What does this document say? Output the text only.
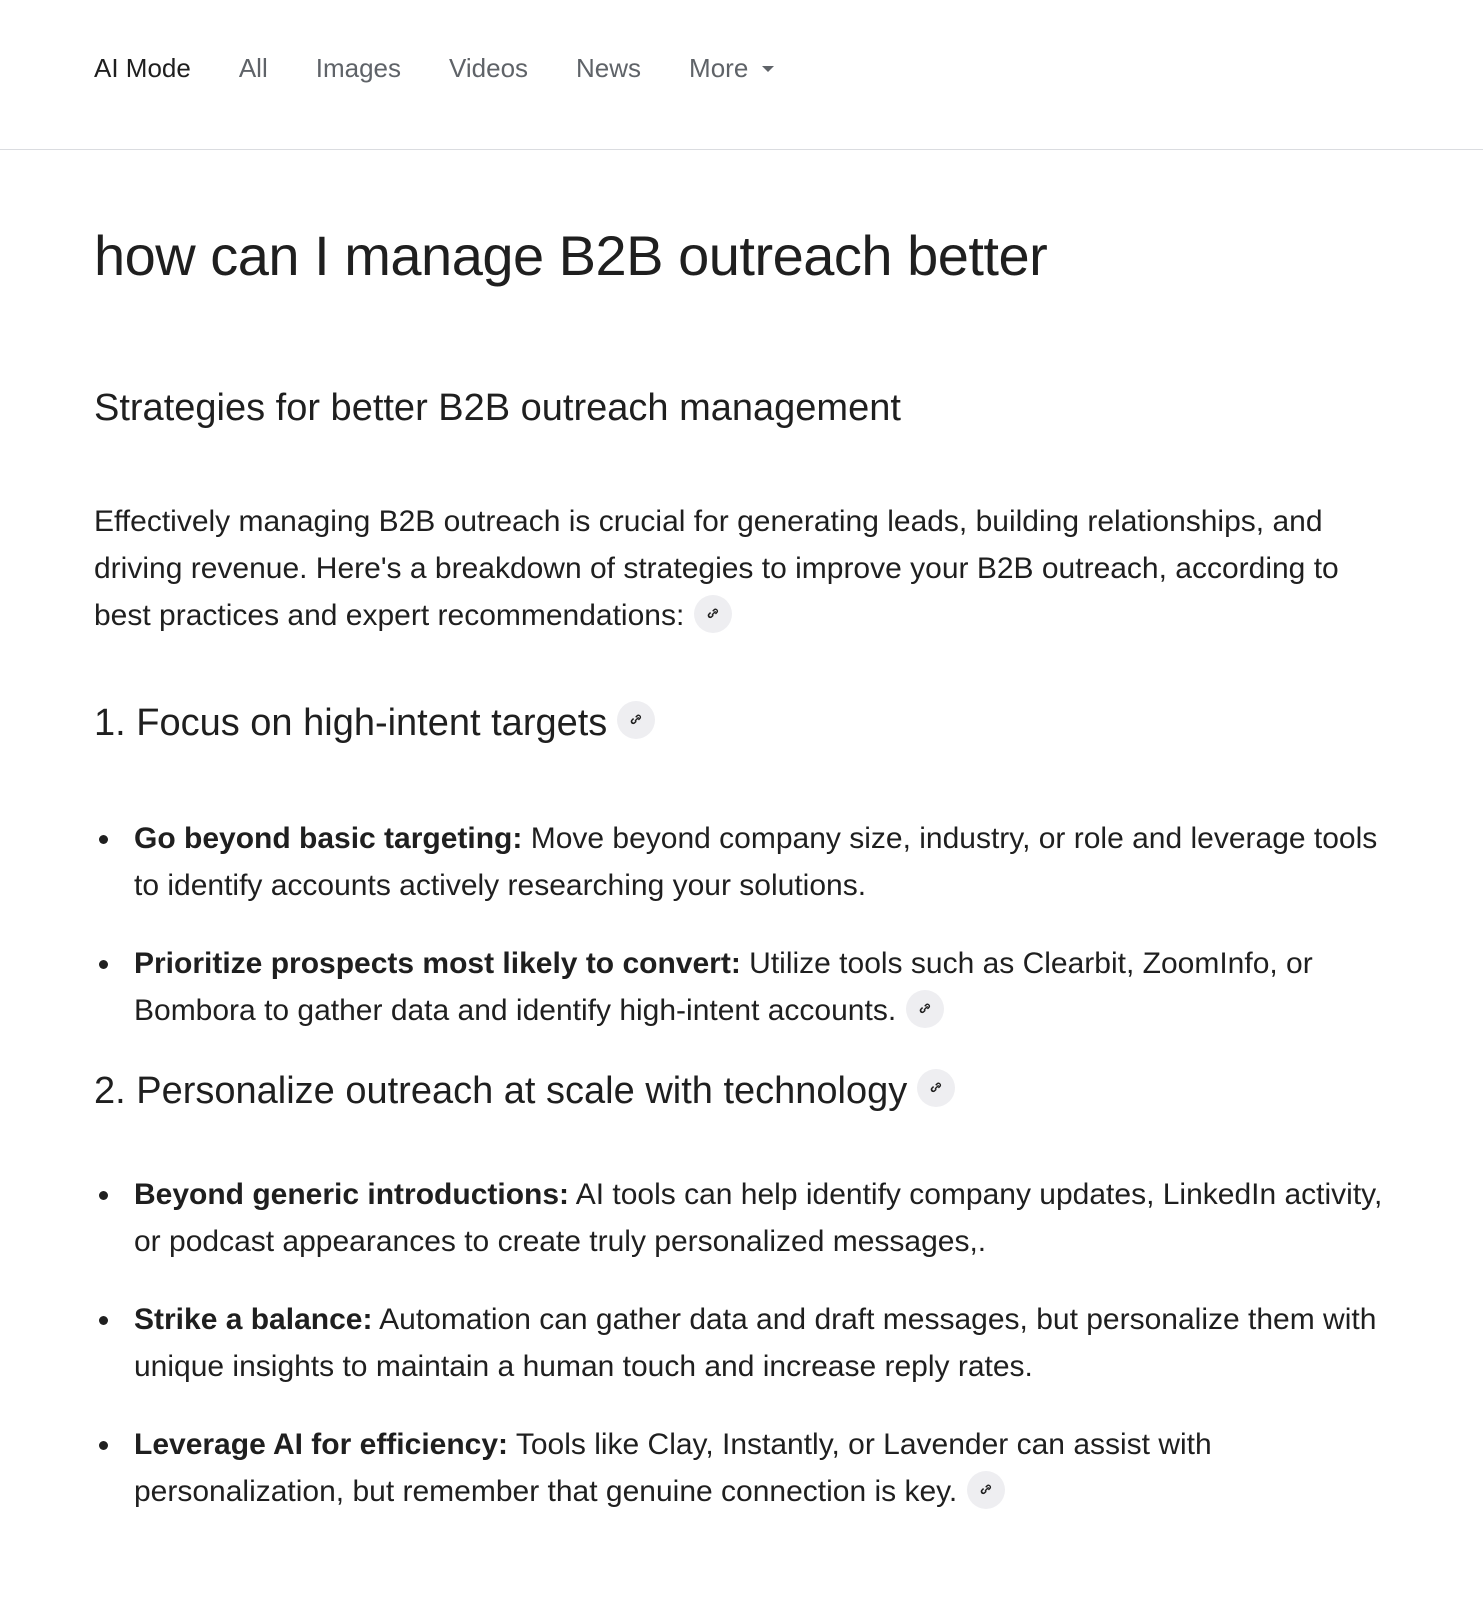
AI Mode All Images Videos News More
how can I manage B2B outreach better
Strategies for better B2B outreach management

Effectively managing B2B outreach is crucial for generating leads, building relationships, and driving revenue. Here's a breakdown of strategies to improve your B2B outreach, according to best practices and expert recommendations:

1. Focus on high-intent targets
Go beyond basic targeting: Move beyond company size, industry, or role and leverage tools to identify accounts actively researching your solutions.
Prioritize prospects most likely to convert: Utilize tools such as Clearbit, ZoomInfo, or Bombora to gather data and identify high-intent accounts.
2. Personalize outreach at scale with technology
Beyond generic introductions: AI tools can help identify company updates, LinkedIn activity, or podcast appearances to create truly personalized messages,.
Strike a balance: Automation can gather data and draft messages, but personalize them with unique insights to maintain a human touch and increase reply rates.
Leverage AI for efficiency: Tools like Clay, Instantly, or Lavender can assist with personalization, but remember that genuine connection is key.
